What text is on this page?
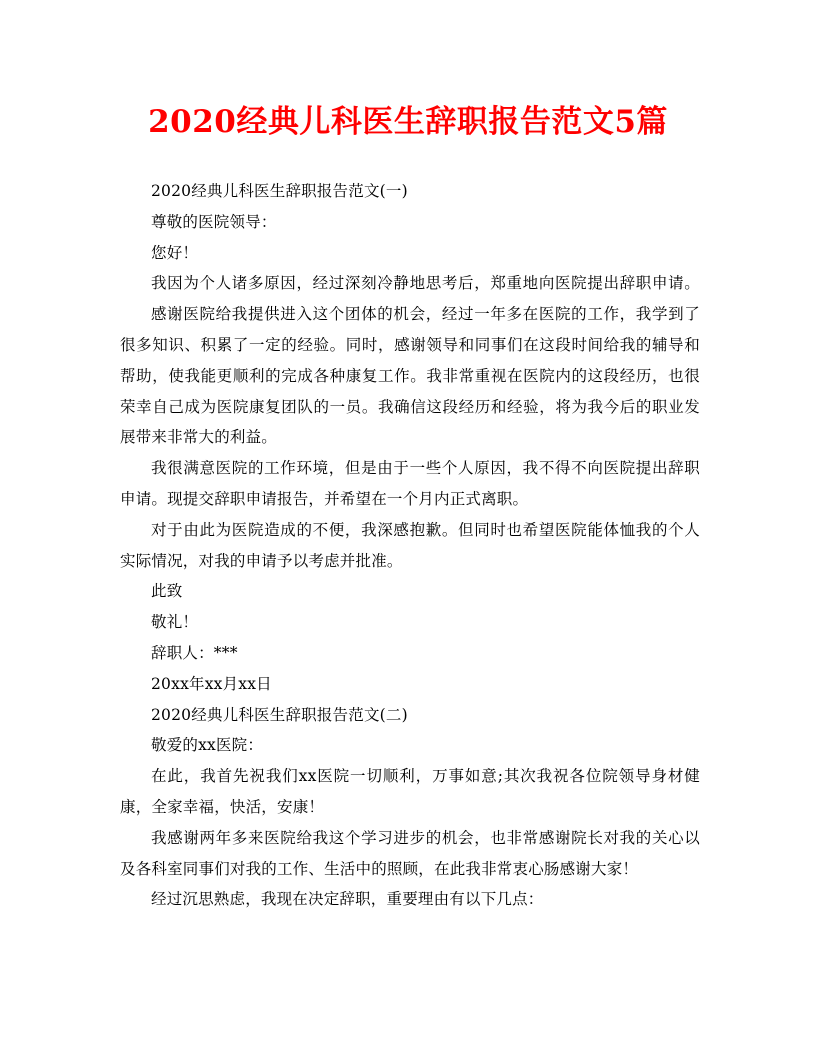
2020经典儿科医生辞职报告范文5篇
2020经典儿科医生辞职报告范文(一)
尊敬的医院领导：
您好！
我因为个人诸多原因，经过深刻冷静地思考后，郑重地向医院提出辞职申请。
感谢医院给我提供进入这个团体的机会，经过一年多在医院的工作，我学到了
很多知识、积累了一定的经验。同时，感谢领导和同事们在这段时间给我的辅导和
帮助，使我能更顺利的完成各种康复工作。我非常重视在医院内的这段经历，也很
荣幸自己成为医院康复团队的一员。我确信这段经历和经验，将为我今后的职业发
展带来非常大的利益。
我很满意医院的工作环境，但是由于一些个人原因，我不得不向医院提出辞职
申请。现提交辞职申请报告，并希望在一个月内正式离职。
对于由此为医院造成的不便，我深感抱歉。但同时也希望医院能体恤我的个人
实际情况，对我的申请予以考虑并批准。
此致
敬礼！
辞职人：***
20xx年xx月xx日
2020经典儿科医生辞职报告范文(二)
敬爱的xx医院：
在此，我首先祝我们xx医院一切顺利，万事如意;其次我祝各位院领导身材健
康，全家幸福，快活，安康！
我感谢两年多来医院给我这个学习进步的机会，也非常感谢院长对我的关心以
及各科室同事们对我的工作、生活中的照顾，在此我非常衷心肠感谢大家！
经过沉思熟虑，我现在决定辞职，重要理由有以下几点：
